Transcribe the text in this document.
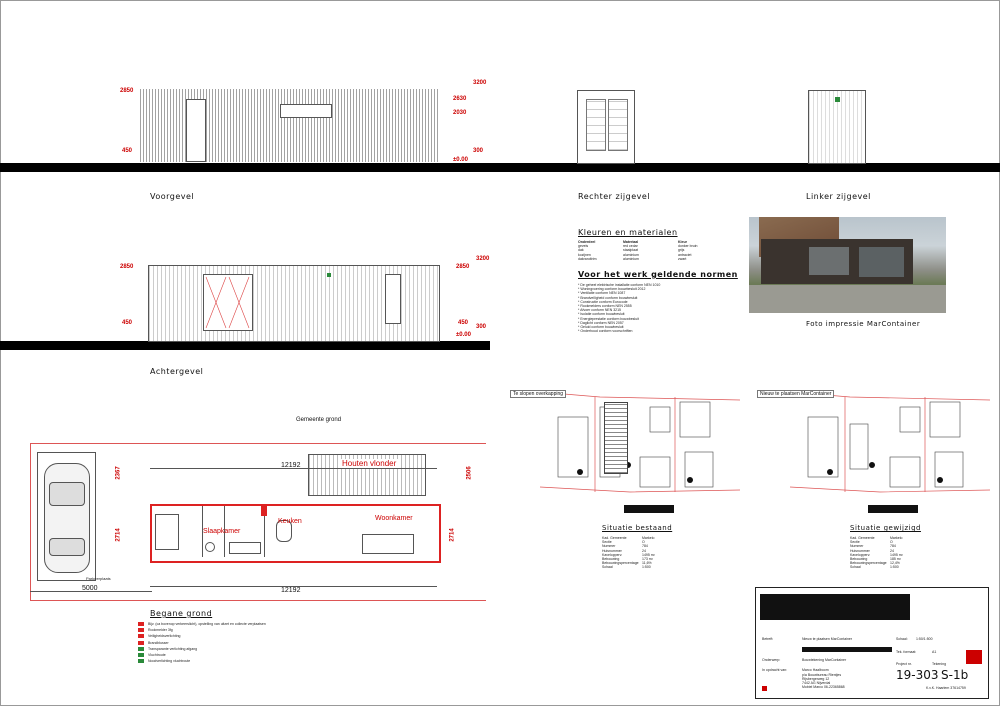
2850
450
3200
2630
2030
300
±0.00
Voorgevel	Rechter zijgevel	Linker zijgevel
2850
450
3200
2850
450
300
±0.00
Achtergevel
Kleuren en materialen
Onderdeel	Materiaal	Kleur
gevels	red cedar	donker bruin
dak	staalplaat	grijs
kozijnen	aluminium	antraciet
dakrandtrim	aluminium	zwart
Voor het werk geldende normen
* De geheel elektrische installatie conform NEN 1010
* Woningvoering conform bouwbesluit 2012
* Ventilatie conform NEN 1087
* Brandveiligheid conform bouwbesluit
* Constructie conform Eurocode
* Rookmelders conform NEN 2555
* Afvoer conform NEN 3215
* Isolatie conform bouwbesluit
* Energieprestatie conform bouwbesluit
* Daglicht conform NEN 2057
* Geluid conform bouwbesluit
* Onderhoud conform voorschriften
Foto impressie MarContainer
Te slopen overkapping
Situatie bestaand
Kad. Gemeente	Markelo
Sectie	O
Nummer	784
Huisnummer	24
Kavelopperv.	1495 m²
Bebouwing	173 m²
Bebouwingspercentage 11,6%
Schaal	1:500
Nieuw te plaatsen MarContainer
Situatie gewijzigd
Kad. Gemeente	Markelo
Sectie	O
Nummer	784
Huisnummer	24
Kavelopperv.	1495 m²
Bebouwing	185 m²
Bebouwingspercentage 12,4%
Schaal	1:500
Gemeente grond
Parkeerplaats
Houten vlonder
Slaapkamer
Keuken	Woonkamer
12192
12192
5000
2367
2714	2714
2506
Begane grond
Bijv. (ca bovenop verkeerslicht), opstelling van uitzet en collecte verplaatsen
Rookmelder 3fg
Veiligheidsverlichting
Brandblusser
Transparante verlichting afgang
Vluchtroute
Noodverlichting vluchtroute
Betreft:	Nieuw te plaatsen MarContainer
Onderwerp:	Bouwtekening MarContainer
In opdracht van:	Marco Haalboom
p/a Bouwbureau Rientjes
Rijsbergerweg 12
7442 AG Nijverdal
Mobiel Marco 06-22365868
Schaal: 1:50/1:500
Tek. formaat:	A1
Project nr.	Tekening
19-303 S-1b
K.v.K. Haarlem 37614759
